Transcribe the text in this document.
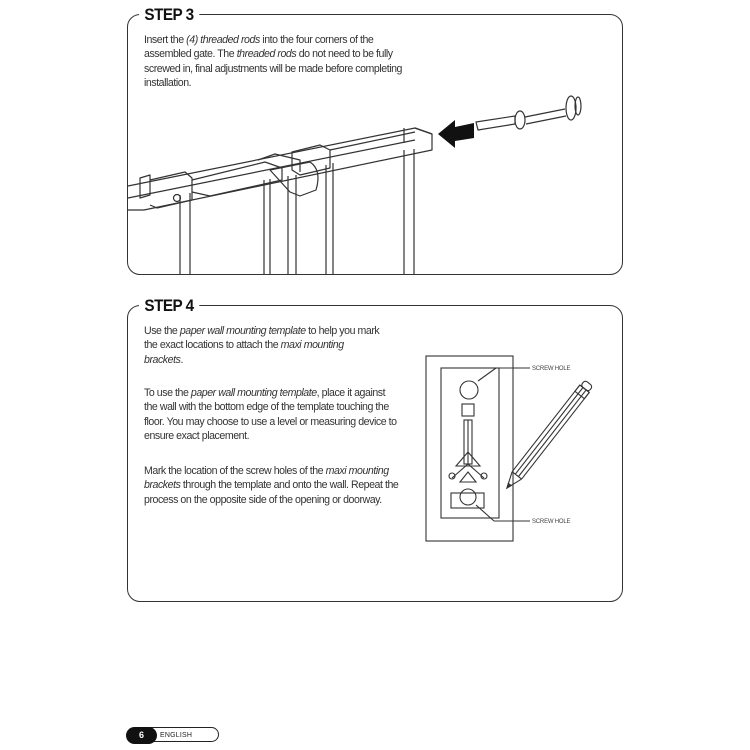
STEP 3

Insert the (4) threaded rods into the four corners of the assembled gate. The threaded rods do not need to be fully screwed in, final adjustments will be made before completing installation.

STEP 4

Use the paper wall mounting template to help you mark the exact locations to attach the maxi mounting brackets.

To use the paper wall mounting template, place it against the wall with the bottom edge of the template touching the floor. You may choose to use a level or measuring device to ensure exact placement.

Mark the location of the screw holes of the maxi mounting brackets through the template and onto the wall. Repeat the process on the opposite side of the opening or doorway.

SCREW HOLE
SCREW HOLE
ENGLISH
6
